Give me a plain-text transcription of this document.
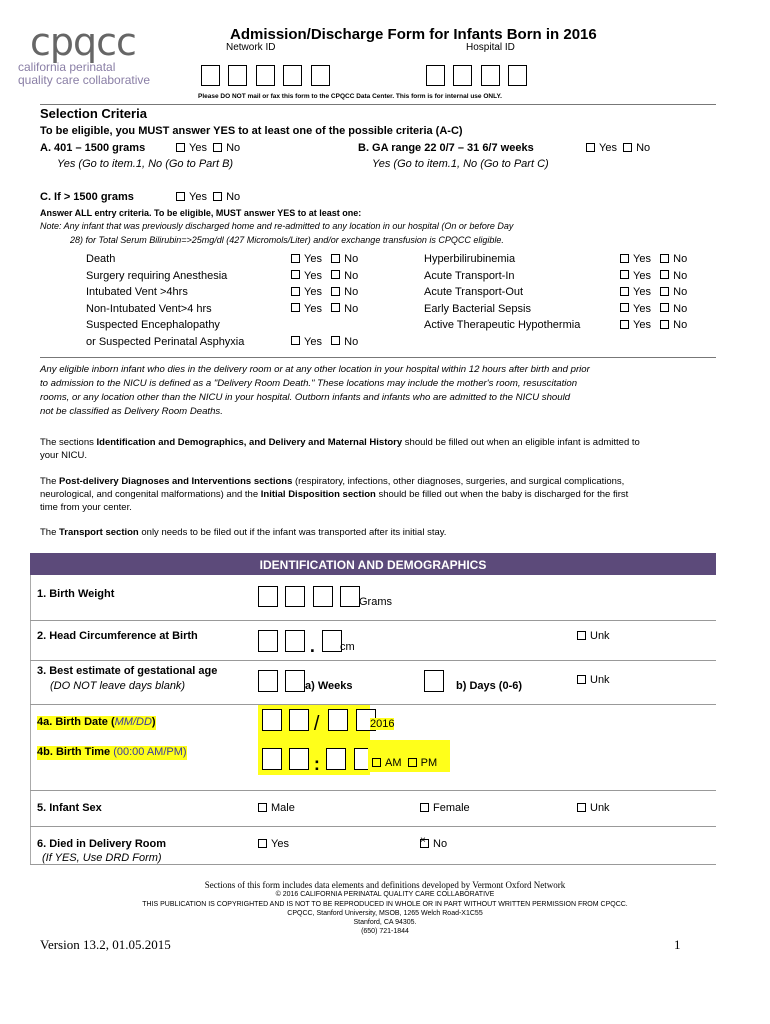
cpqcc
california perinatal
quality care collaborative
Admission/Discharge Form for Infants Born in 2016
Network ID	Hospital ID

Please DO NOT mail or fax this form to the CPQCC Data Center. This form is for internal use ONLY.
Selection Criteria
To be eligible, you MUST answer YES to at least one of the possible criteria (A-C)
A. 401 – 1500 grams	Yes No
Yes (Go to item.1, No (Go to Part B)
B. GA range 22 0/7 – 31 6/7 weeks	Yes No
Yes (Go to item.1, No (Go to Part C)
C. If > 1500 grams	Yes No
Answer ALL entry criteria. To be eligible, MUST answer YES to at least one:
Note: Any infant that was previously discharged home and re-admitted to any location in our hospital (On or before Day
28) for Total Serum Bilirubin=>25mg/dl (427 Micromols/Liter) and/or exchange transfusion is CPQCC eligible.
Death
Surgery requiring Anesthesia
Intubated Vent >4hrs
Non-Intubated Vent>4 hrs
Suspected Encephalopathy
or Suspected Perinatal Asphyxia
Yes No
Yes No
Yes No
Yes No

Yes No
Hyperbilirubinemia
Acute Transport-In
Acute Transport-Out
Early Bacterial Sepsis
Active Therapeutic Hypothermia
Yes No
Yes No
Yes No
Yes No
Yes No
Any eligible inborn infant who dies in the delivery room or at any other location in your hospital within 12 hours after birth and prior
to admission to the NICU is defined as a "Delivery Room Death." These locations may include the mother's room, resuscitation
rooms, or any location other than the NICU in your hospital. Outborn infants and infants who are admitted to the NICU should
not be classified as Delivery Room Deaths.
The sections Identification and Demographics, and Delivery and Maternal History should be filled out when an eligible infant is admitted to
your NICU.
The Post-delivery Diagnoses and Interventions sections (respiratory, infections, other diagnoses, surgeries, and surgical complications,
neurological, and congenital malformations) and the Initial Disposition section should be filled out when the baby is discharged for the first
time from your center.
The Transport section only needs to be filed out if the infant was transported after its initial stay.
IDENTIFICATION AND DEMOGRAPHICS
1. Birth Weight

Grams
2. Head Circumference at Birth	.	cm
Unk
3. Best estimate of gestational age
(DO NOT leave days blank)
	a) Weeks	b) Days (0-6)	Unk
4a. Birth Date (MM/DD)	/	2016
4b. Birth Time (00:00 AM/PM)
:	AM PM
5. Infant Sex	Male	Female	Unk
6. Died in Delivery Room
(If YES, Use DRD Form)
Yes
×	No
Sections of this form includes data elements and definitions developed by Vermont Oxford Network
© 2016 CALIFORNIA PERINATAL QUALITY CARE COLLABORATIVE
THIS PUBLICATION IS COPYRIGHTED AND IS NOT TO BE REPRODUCED IN WHOLE OR IN PART WITHOUT WRITTEN PERMISSION FROM CPQCC.
CPQCC, Stanford University, MSOB, 1265 Welch Road-X1C55
Stanford, CA 94305.
(650) 721-1844
Version 13.2, 01.05.2015	1
